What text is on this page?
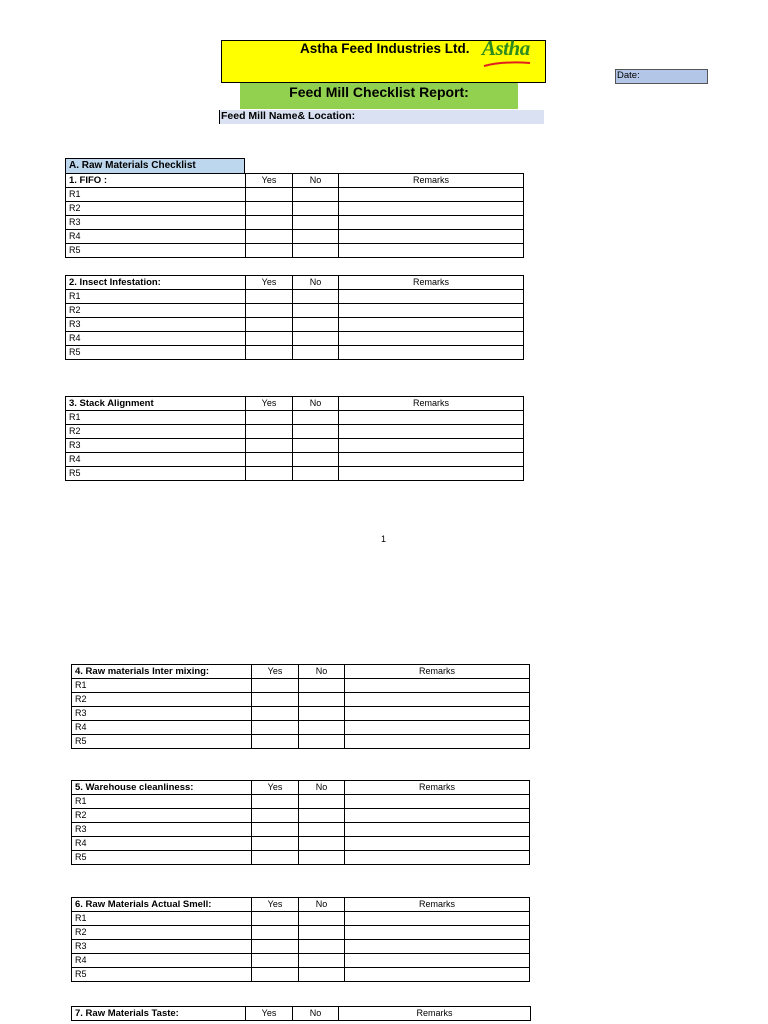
Astha Feed Industries Ltd. Astha
Feed Mill Checklist Report:
Feed Mill Name& Location:
Date:
A. Raw Materials Checklist
1. FIFO :	Yes	No	Remarks
R1			
R2			
R3			
R4			
R5			
2. Insect Infestation:	Yes	No	Remarks
R1			
R2			
R3			
R4			
R5			
3. Stack Alignment	Yes	No	Remarks
R1			
R2			
R3			
R4			
R5			
4. Raw materials Inter mixing:	Yes	No	Remarks
R1			
R2			
R3			
R4			
R5			
5. Warehouse cleanliness:	Yes	No	Remarks
R1			
R2			
R3			
R4			
R5			
6. Raw Materials Actual Smell:	Yes	No	Remarks
R1			
R2			
R3			
R4			
R5			
7. Raw Materials Taste:	Yes	No	Remarks
1
